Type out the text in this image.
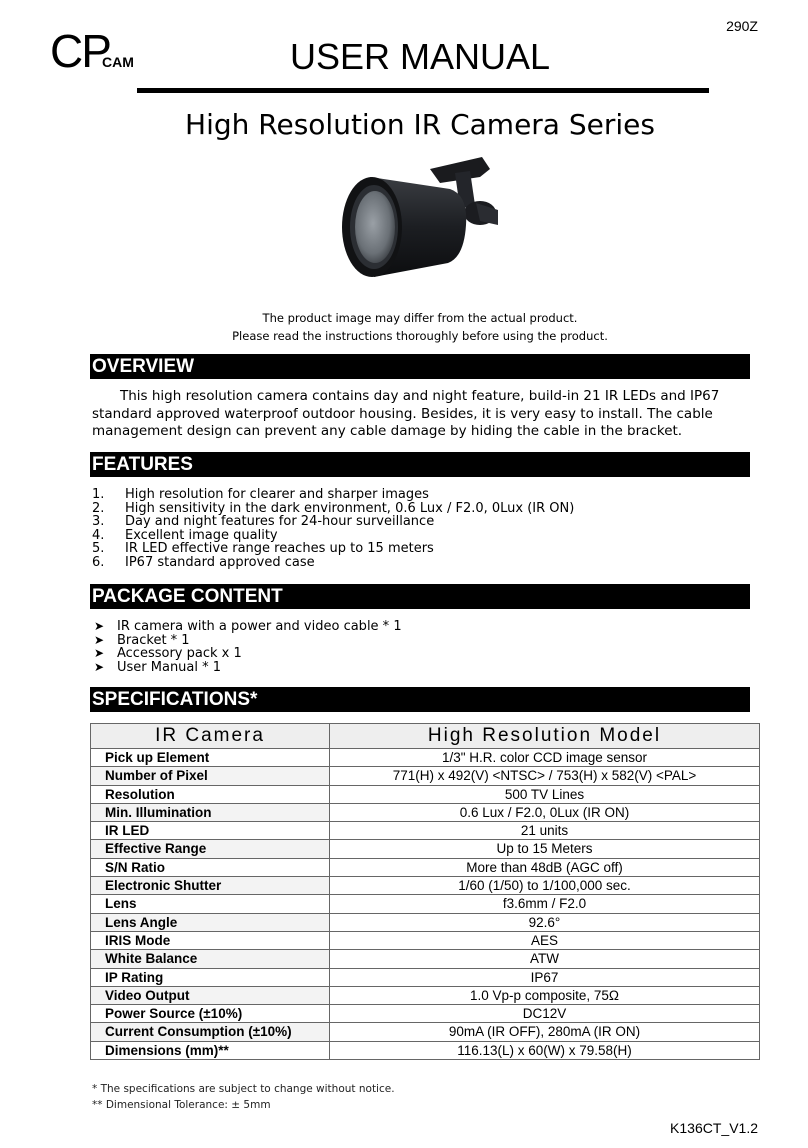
CP
CAM
290Z
USER MANUAL
High Resolution IR Camera Series
The product image may differ from the actual product.
Please read the instructions thoroughly before using the product.
OVERVIEW
This high resolution camera contains day and night feature, build-in 21 IR LEDs and IP67 standard approved waterproof outdoor housing. Besides, it is very easy to install. The cable management design can prevent any cable damage by hiding the cable in the bracket.
FEATURES
1. High resolution for clearer and sharper images
2. High sensitivity in the dark environment, 0.6 Lux / F2.0, 0Lux (IR ON)
3. Day and night features for 24-hour surveillance
4. Excellent image quality
5. IR LED effective range reaches up to 15 meters
6. IP67 standard approved case
PACKAGE CONTENT
➤ IR camera with a power and video cable * 1
➤ Bracket * 1
➤ Accessory pack x 1
➤ User Manual * 1
SPECIFICATIONS*
IR Camera	High Resolution Model
Pick up Element	1/3" H.R. color CCD image sensor
Number of Pixel	771(H) x 492(V) <NTSC> / 753(H) x 582(V) <PAL>
Resolution	500 TV Lines
Min. Illumination	0.6 Lux / F2.0, 0Lux (IR ON)
IR LED	21 units
Effective Range	Up to 15 Meters
S/N Ratio	More than 48dB (AGC off)
Electronic Shutter	1/60 (1/50) to 1/100,000 sec.
Lens	f3.6mm / F2.0
Lens Angle	92.6°
IRIS Mode	AES
White Balance	ATW
IP Rating	IP67
Video Output	1.0 Vp-p composite, 75Ω
Power Source (±10%)	DC12V
Current Consumption (±10%)	90mA (IR OFF), 280mA (IR ON)
Dimensions (mm)**	116.13(L) x 60(W) x 79.58(H)
* The specifications are subject to change without notice.
** Dimensional Tolerance: ± 5mm
K136CT_V1.2
